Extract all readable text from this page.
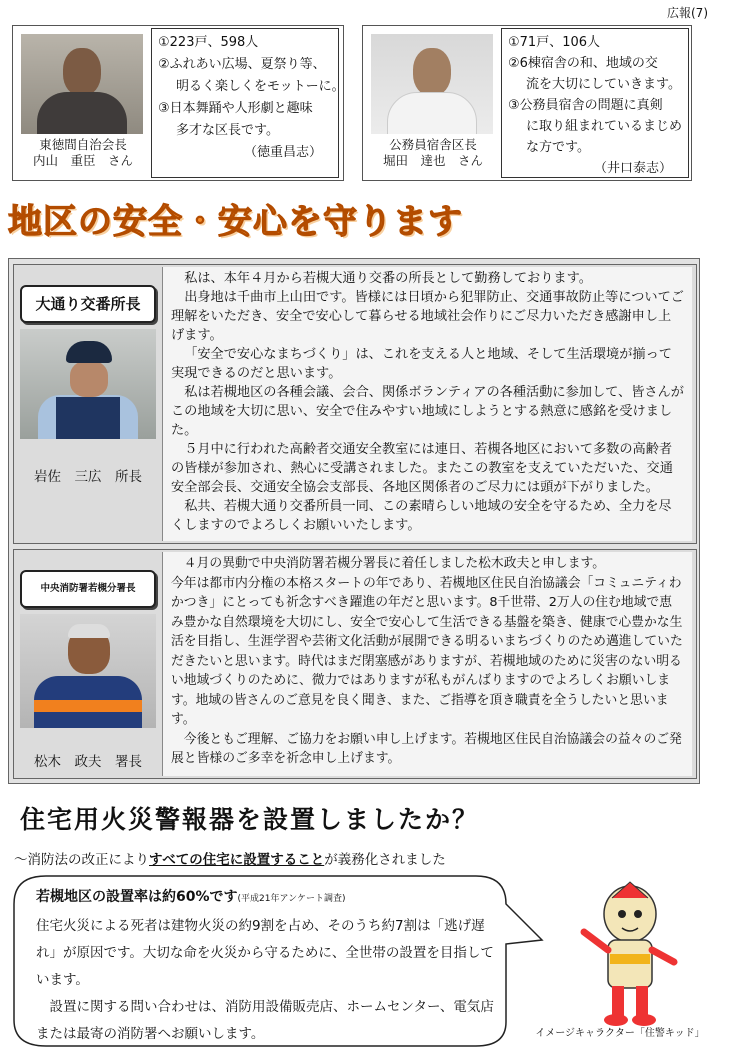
広報(7)
東徳間自治会長
内山　重臣　さん
①223戸、598人
②ふれあい広場、夏祭り等、
明るく楽しくをモットーに。
③日本舞踊や人形劇と趣味
多才な区長です。
（徳重昌志）
公務員宿舎区長
堀田　達也　さん
①71戸、106人
②6棟宿舎の和、地域の交
流を大切にしていきます。
③公務員宿舎の問題に真剣
に取り組まれているまじめ
な方です。
（井口泰志）
地区の安全・安心を守ります
大通り交番所長
岩佐　三広　所長

私は、本年４月から若槻大通り交番の所長として勤務しております。

出身地は千曲市上山田です。皆様には日頃から犯罪防止、交通事故防止等についてご理解をいただき、安全で安心して暮らせる地域社会作りにご尽力いただき感謝申し上げます。

「安全で安心なまちづくり」は、これを支える人と地域、そして生活環境が揃って実現できるのだと思います。

私は若槻地区の各種会議、会合、関係ボランティアの各種活動に参加して、皆さんがこの地域を大切に思い、安全で住みやすい地域にしようとする熱意に感銘を受けました。

５月中に行われた高齢者交通安全教室には連日、若槻各地区において多数の高齢者の皆様が参加され、熱心に受講されました。またこの教室を支えていただいた、交通安全部会長、交通安全協会支部長、各地区関係者のご尽力には頭が下がりました。

私共、若槻大通り交番所員一同、この素晴らしい地域の安全を守るため、全力を尽くしますのでよろしくお願いいたします。

中央消防署若槻分署長
松木　政夫　署長

４月の異動で中央消防署若槻分署長に着任しました松木政夫と申します。

今年は都市内分権の本格スタートの年であり、若槻地区住民自治協議会「コミュニティわかつき」にとっても祈念すべき躍進の年だと思います。8千世帯、2万人の住む地域で恵み豊かな自然環境を大切にし、安全で安心して生活できる基盤を築き、健康で心豊かな生活を目指し、生涯学習や芸術文化活動が展開できる明るいまちづくりのため邁進していただきたいと思います。時代はまだ閉塞感がありますが、若槻地域のために災害のない明るい地域づくりのために、微力ではありますが私もがんばりますのでよろしくお願いします。地域の皆さんのご意見を良く聞き、また、ご指導を頂き職責を全うしたいと思います。

今後ともご理解、ご協力をお願い申し上げます。若槻地区住民自治協議会の益々のご発展と皆様のご多幸を祈念申し上げます。

住宅用火災警報器を設置しましたか？
～消防法の改正によりすべての住宅に設置することが義務化されました
若槻地区の設置率は約60%です(平成21年アンケート調査)
住宅火災による死者は建物火災の約9割を占め、そのうち約7割は「逃げ遅れ」が原因です。大切な命を火災から守るために、全世帯の設置を目指しています。
設置に関する問い合わせは、消防用設備販売店、ホームセンター、電気店または最寄の消防署へお願いします。	イメージキャラクター「住警キッド」
